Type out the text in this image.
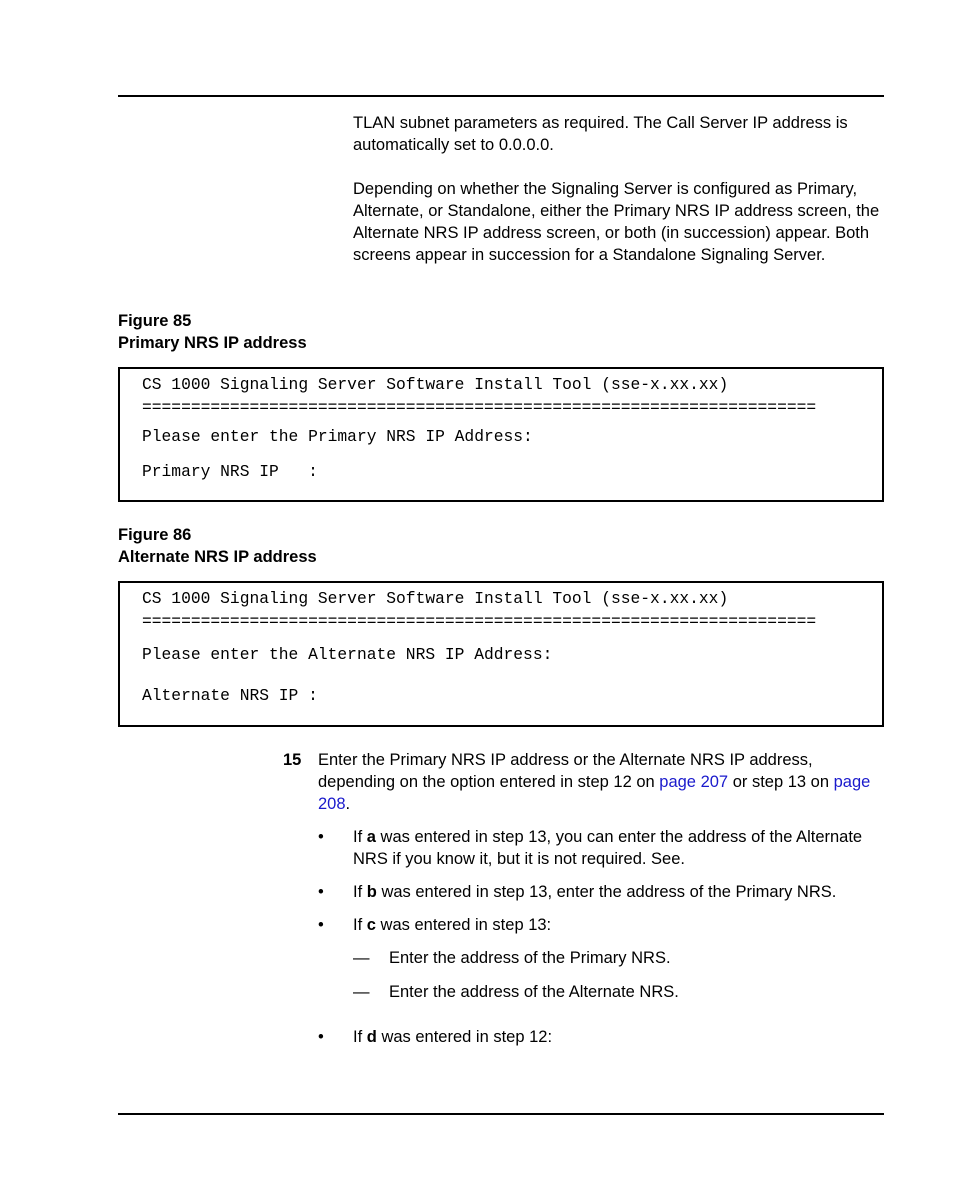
TLAN subnet parameters as required. The Call Server IP address is automatically set to 0.0.0.0.

Depending on whether the Signaling Server is configured as Primary, Alternate, or Standalone, either the Primary NRS IP address screen, the Alternate NRS IP address screen, or both (in succession) appear. Both screens appear in succession for a Standalone Signaling Server.

Figure 85
Primary NRS IP address
CS 1000 Signaling Server Software Install Tool (sse-x.xx.xx)
=====================================================================
Please enter the Primary NRS IP Address:
Primary NRS IP   :
Figure 86
Alternate NRS IP address
CS 1000 Signaling Server Software Install Tool (sse-x.xx.xx)
=====================================================================
Please enter the Alternate NRS IP Address:
Alternate NRS IP :
15 Enter the Primary NRS IP address or the Alternate NRS IP address, depending on the option entered in step 12 on page 207 or step 13 on page 208.

• If a was entered in step 13, you can enter the address of the Alternate NRS if you know it, but it is not required. See.

• If b was entered in step 13, enter the address of the Primary NRS.

• If c was entered in step 13:

— Enter the address of the Primary NRS.

— Enter the address of the Alternate NRS.

• If d was entered in step 12:
